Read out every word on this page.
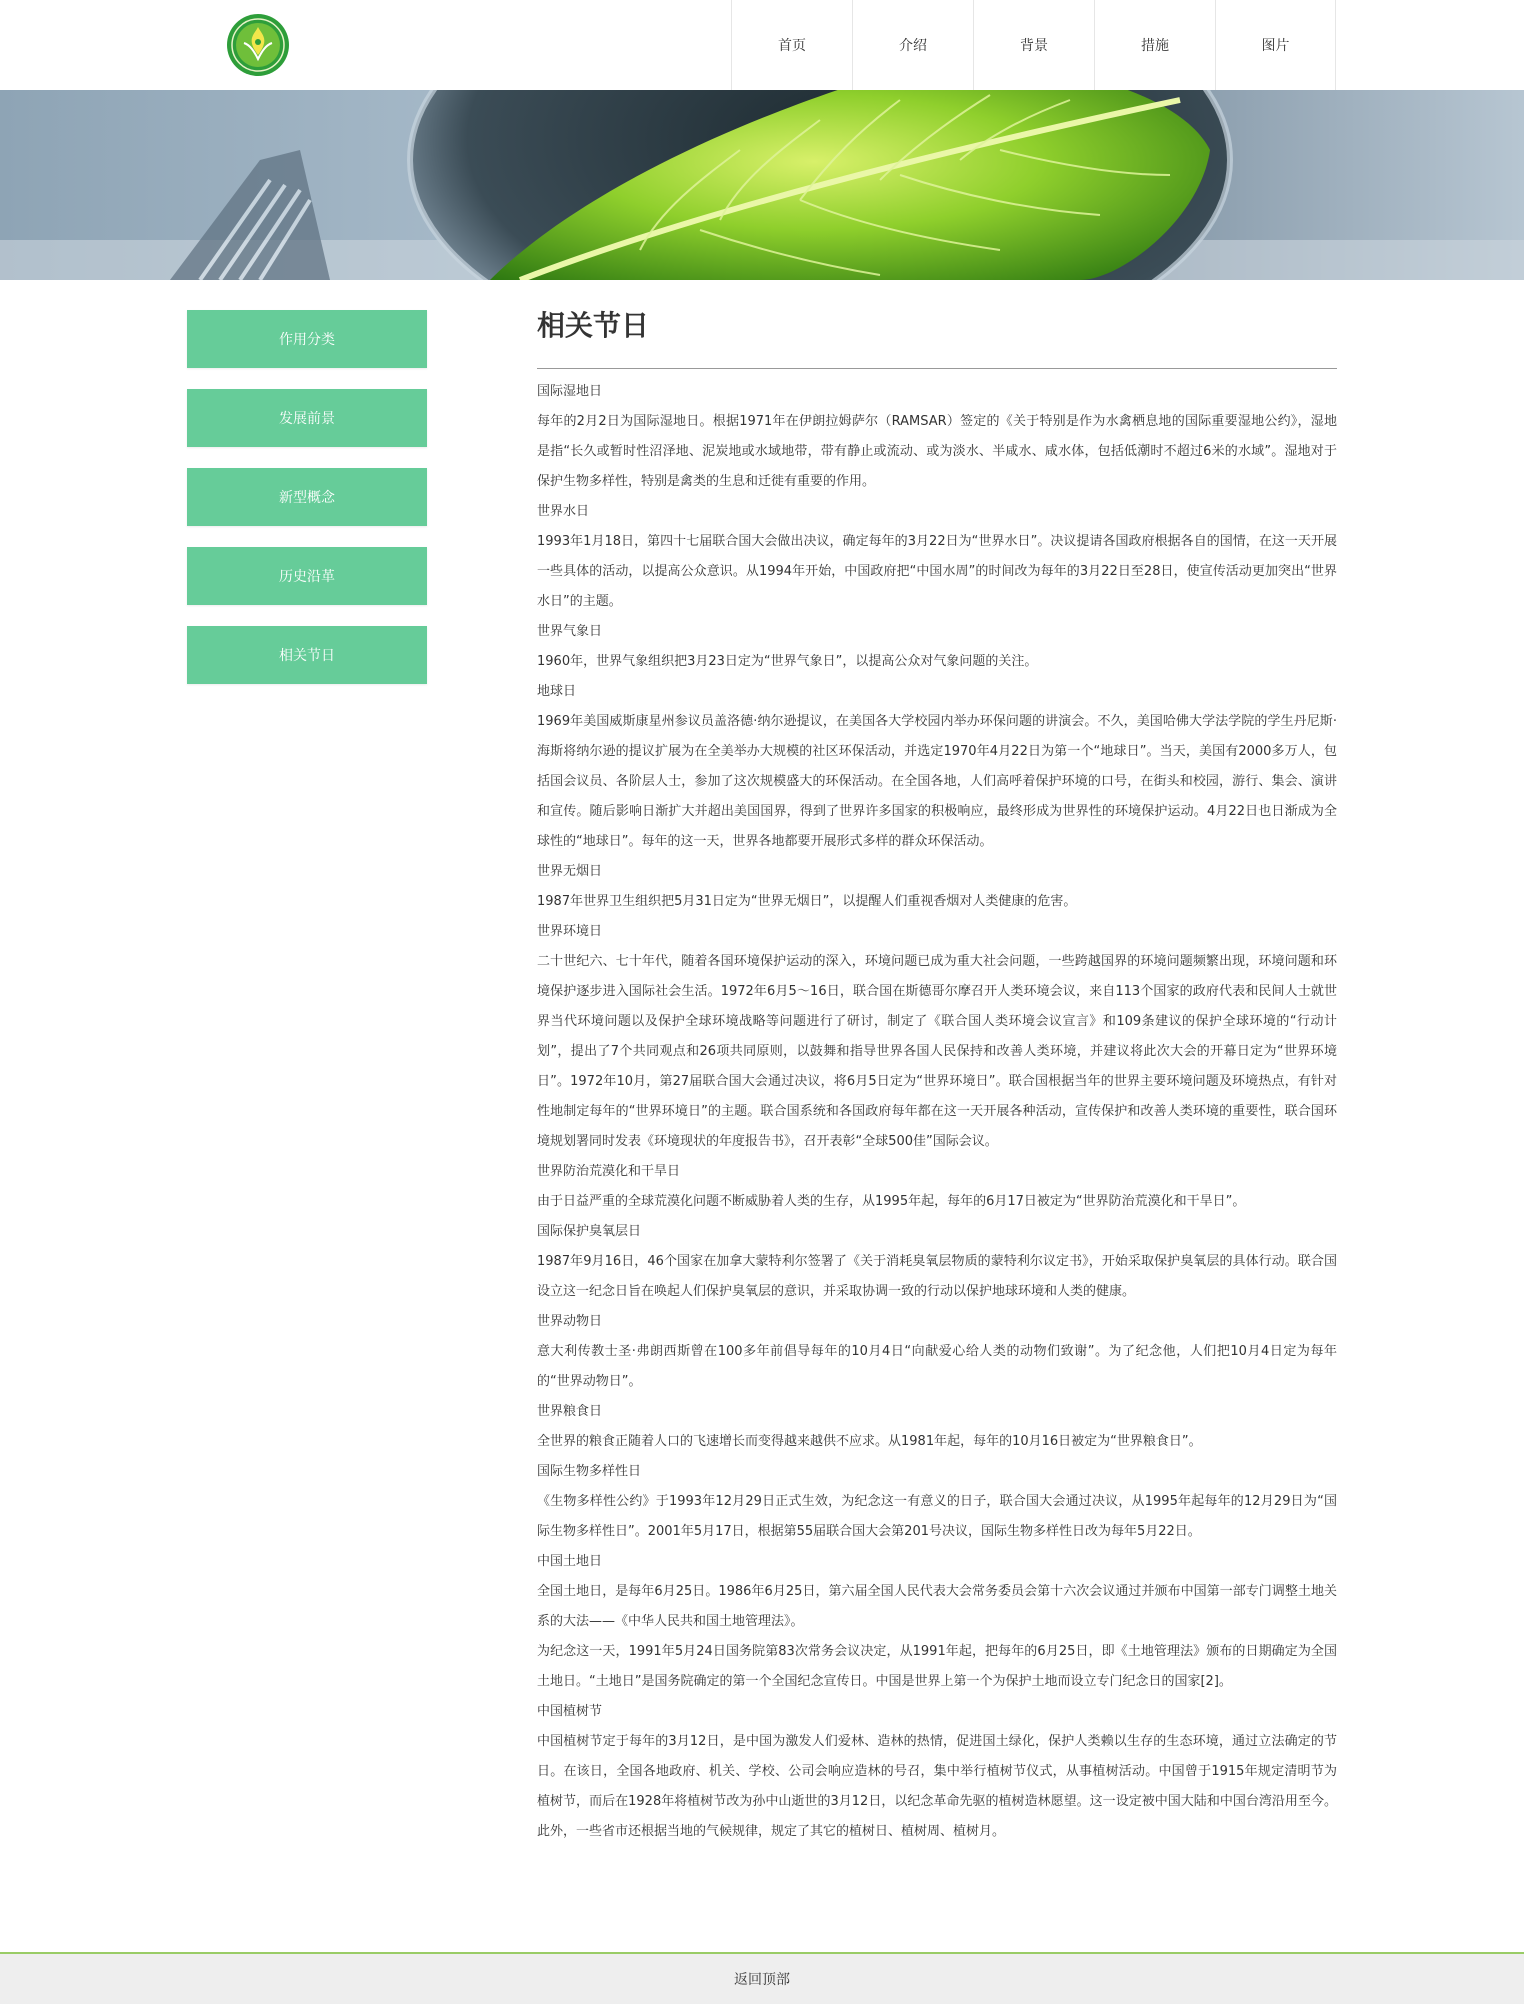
首页	介绍	背景	措施	图片
作用分类
发展前景
新型概念
历史沿革
相关节日
相关节日

国际湿地日

每年的2月2日为国际湿地日。根据1971年在伊朗拉姆萨尔（RAMSAR）签定的《关于特别是作为水禽栖息地的国际重要湿地公约》，湿地是指“长久或暂时性沼泽地、泥炭地或水域地带，带有静止或流动、或为淡水、半咸水、咸水体，包括低潮时不超过6米的水域”。湿地对于保护生物多样性，特别是禽类的生息和迁徙有重要的作用。

世界水日

1993年1月18日，第四十七届联合国大会做出决议，确定每年的3月22日为“世界水日”。决议提请各国政府根据各自的国情，在这一天开展一些具体的活动，以提高公众意识。从1994年开始，中国政府把“中国水周”的时间改为每年的3月22日至28日，使宣传活动更加突出“世界水日”的主题。

世界气象日

1960年，世界气象组织把3月23日定为“世界气象日”，以提高公众对气象问题的关注。

地球日

1969年美国威斯康星州参议员盖洛德·纳尔逊提议，在美国各大学校园内举办环保问题的讲演会。不久，美国哈佛大学法学院的学生丹尼斯·海斯将纳尔逊的提议扩展为在全美举办大规模的社区环保活动，并选定1970年4月22日为第一个“地球日”。当天，美国有2000多万人，包括国会议员、各阶层人士，参加了这次规模盛大的环保活动。在全国各地，人们高呼着保护环境的口号，在街头和校园，游行、集会、演讲和宣传。随后影响日渐扩大并超出美国国界，得到了世界许多国家的积极响应，最终形成为世界性的环境保护运动。4月22日也日渐成为全球性的“地球日”。每年的这一天，世界各地都要开展形式多样的群众环保活动。

世界无烟日

1987年世界卫生组织把5月31日定为“世界无烟日”，以提醒人们重视香烟对人类健康的危害。

世界环境日

二十世纪六、七十年代，随着各国环境保护运动的深入，环境问题已成为重大社会问题，一些跨越国界的环境问题频繁出现，环境问题和环境保护逐步进入国际社会生活。1972年6月5～16日，联合国在斯德哥尔摩召开人类环境会议，来自113个国家的政府代表和民间人士就世界当代环境问题以及保护全球环境战略等问题进行了研讨，制定了《联合国人类环境会议宣言》和109条建议的保护全球环境的“行动计划”，提出了7个共同观点和26项共同原则，以鼓舞和指导世界各国人民保持和改善人类环境，并建议将此次大会的开幕日定为“世界环境日”。1972年10月，第27届联合国大会通过决议，将6月5日定为“世界环境日”。联合国根据当年的世界主要环境问题及环境热点，有针对性地制定每年的“世界环境日”的主题。联合国系统和各国政府每年都在这一天开展各种活动，宣传保护和改善人类环境的重要性，联合国环境规划署同时发表《环境现状的年度报告书》，召开表彰“全球500佳”国际会议。

世界防治荒漠化和干旱日

由于日益严重的全球荒漠化问题不断威胁着人类的生存，从1995年起，每年的6月17日被定为“世界防治荒漠化和干旱日”。

国际保护臭氧层日

1987年9月16日，46个国家在加拿大蒙特利尔签署了《关于消耗臭氧层物质的蒙特利尔议定书》，开始采取保护臭氧层的具体行动。联合国设立这一纪念日旨在唤起人们保护臭氧层的意识，并采取协调一致的行动以保护地球环境和人类的健康。

世界动物日

意大利传教士圣·弗朗西斯曾在100多年前倡导每年的10月4日“向献爱心给人类的动物们致谢”。为了纪念他，人们把10月4日定为每年的“世界动物日”。

世界粮食日

全世界的粮食正随着人口的飞速增长而变得越来越供不应求。从1981年起，每年的10月16日被定为“世界粮食日”。

国际生物多样性日

《生物多样性公约》于1993年12月29日正式生效，为纪念这一有意义的日子，联合国大会通过决议，从1995年起每年的12月29日为“国际生物多样性日”。2001年5月17日，根据第55届联合国大会第201号决议，国际生物多样性日改为每年5月22日。

中国土地日

全国土地日，是每年6月25日。1986年6月25日，第六届全国人民代表大会常务委员会第十六次会议通过并颁布中国第一部专门调整土地关系的大法——《中华人民共和国土地管理法》。

为纪念这一天，1991年5月24日国务院第83次常务会议决定，从1991年起，把每年的6月25日，即《土地管理法》颁布的日期确定为全国土地日。“土地日”是国务院确定的第一个全国纪念宣传日。中国是世界上第一个为保护土地而设立专门纪念日的国家[2]。

中国植树节

中国植树节定于每年的3月12日，是中国为激发人们爱林、造林的热情，促进国土绿化，保护人类赖以生存的生态环境，通过立法确定的节日。在该日，全国各地政府、机关、学校、公司会响应造林的号召，集中举行植树节仪式，从事植树活动。中国曾于1915年规定清明节为植树节，而后在1928年将植树节改为孙中山逝世的3月12日，以纪念革命先驱的植树造林愿望。这一设定被中国大陆和中国台湾沿用至今。此外，一些省市还根据当地的气候规律，规定了其它的植树日、植树周、植树月。

返回顶部
